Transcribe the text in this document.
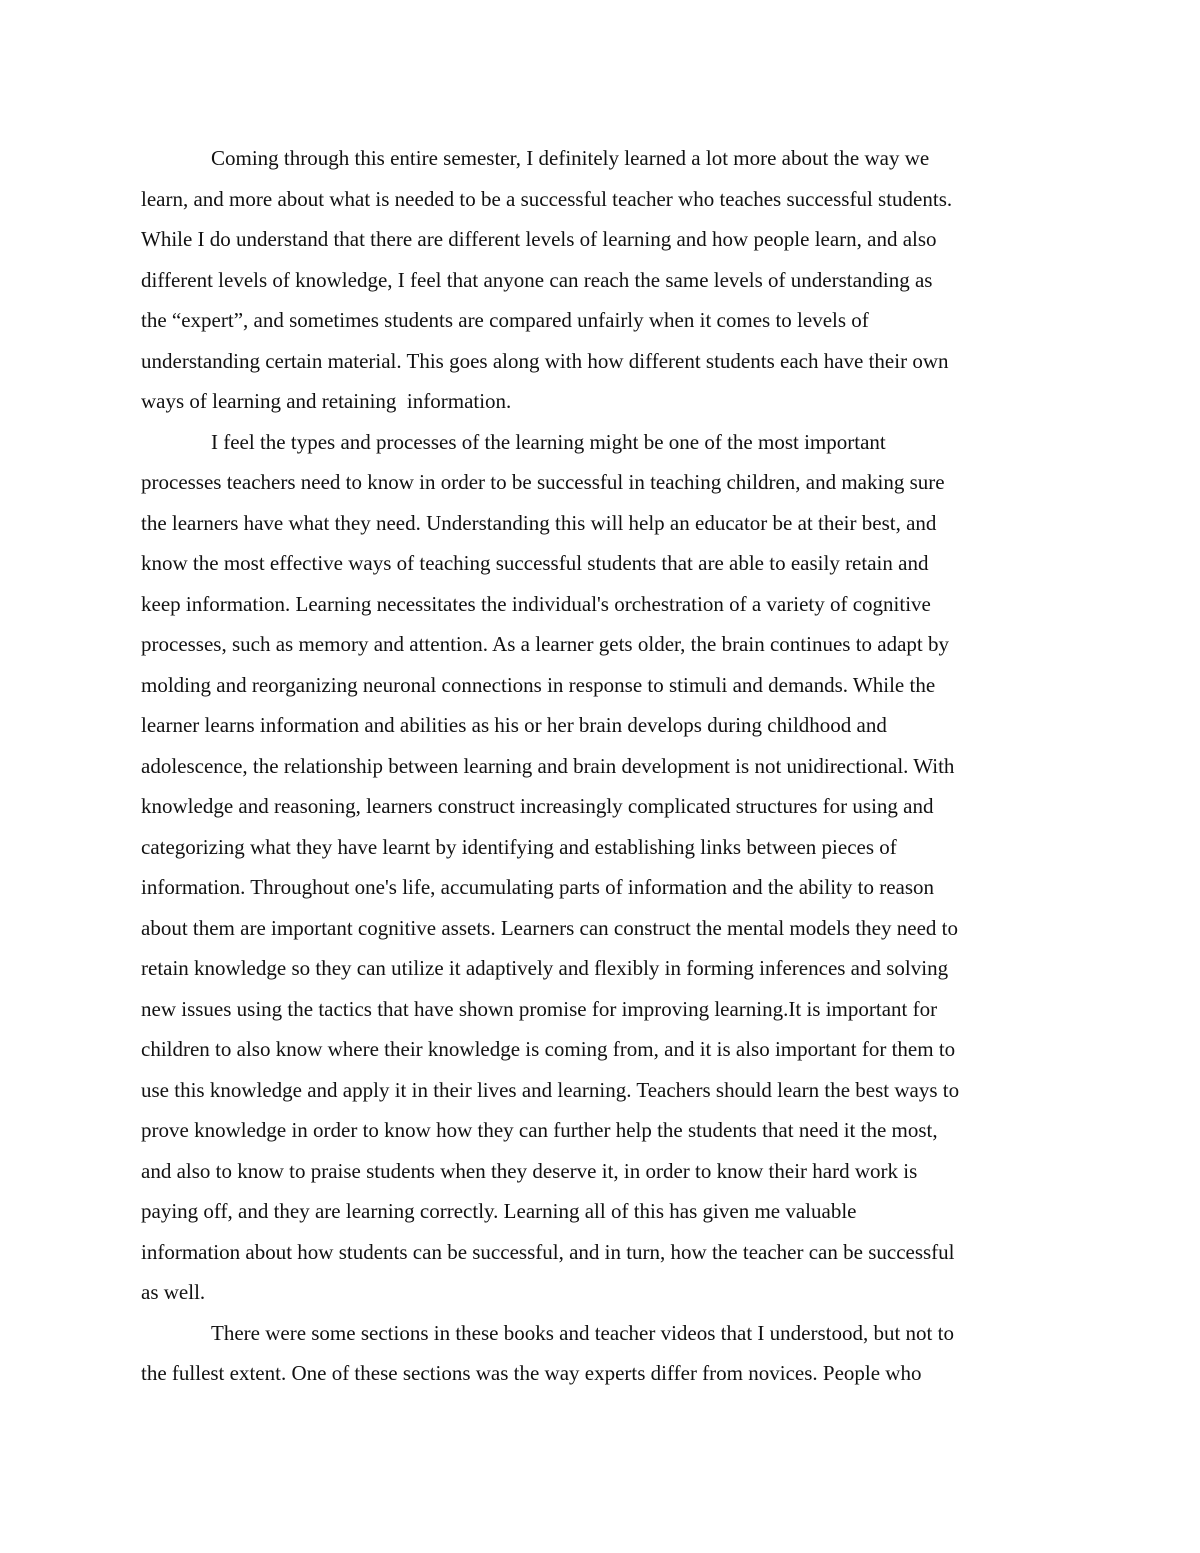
Coming through this entire semester, I definitely learned a lot more about the way we
learn, and more about what is needed to be a successful teacher who teaches successful students.
While I do understand that there are different levels of learning and how people learn, and also
different levels of knowledge, I feel that anyone can reach the same levels of understanding as
the “expert”, and sometimes students are compared unfairly when it comes to levels of
understanding certain material. This goes along with how different students each have their own
ways of learning and retaining  information.
I feel the types and processes of the learning might be one of the most important
processes teachers need to know in order to be successful in teaching children, and making sure
the learners have what they need. Understanding this will help an educator be at their best, and
know the most effective ways of teaching successful students that are able to easily retain and
keep information. Learning necessitates the individual's orchestration of a variety of cognitive
processes, such as memory and attention. As a learner gets older, the brain continues to adapt by
molding and reorganizing neuronal connections in response to stimuli and demands. While the
learner learns information and abilities as his or her brain develops during childhood and
adolescence, the relationship between learning and brain development is not unidirectional. With
knowledge and reasoning, learners construct increasingly complicated structures for using and
categorizing what they have learnt by identifying and establishing links between pieces of
information. Throughout one's life, accumulating parts of information and the ability to reason
about them are important cognitive assets. Learners can construct the mental models they need to
retain knowledge so they can utilize it adaptively and flexibly in forming inferences and solving
new issues using the tactics that have shown promise for improving learning.It is important for
children to also know where their knowledge is coming from, and it is also important for them to
use this knowledge and apply it in their lives and learning. Teachers should learn the best ways to
prove knowledge in order to know how they can further help the students that need it the most,
and also to know to praise students when they deserve it, in order to know their hard work is
paying off, and they are learning correctly. Learning all of this has given me valuable
information about how students can be successful, and in turn, how the teacher can be successful
as well.
There were some sections in these books and teacher videos that I understood, but not to
the fullest extent. One of these sections was the way experts differ from novices. People who
